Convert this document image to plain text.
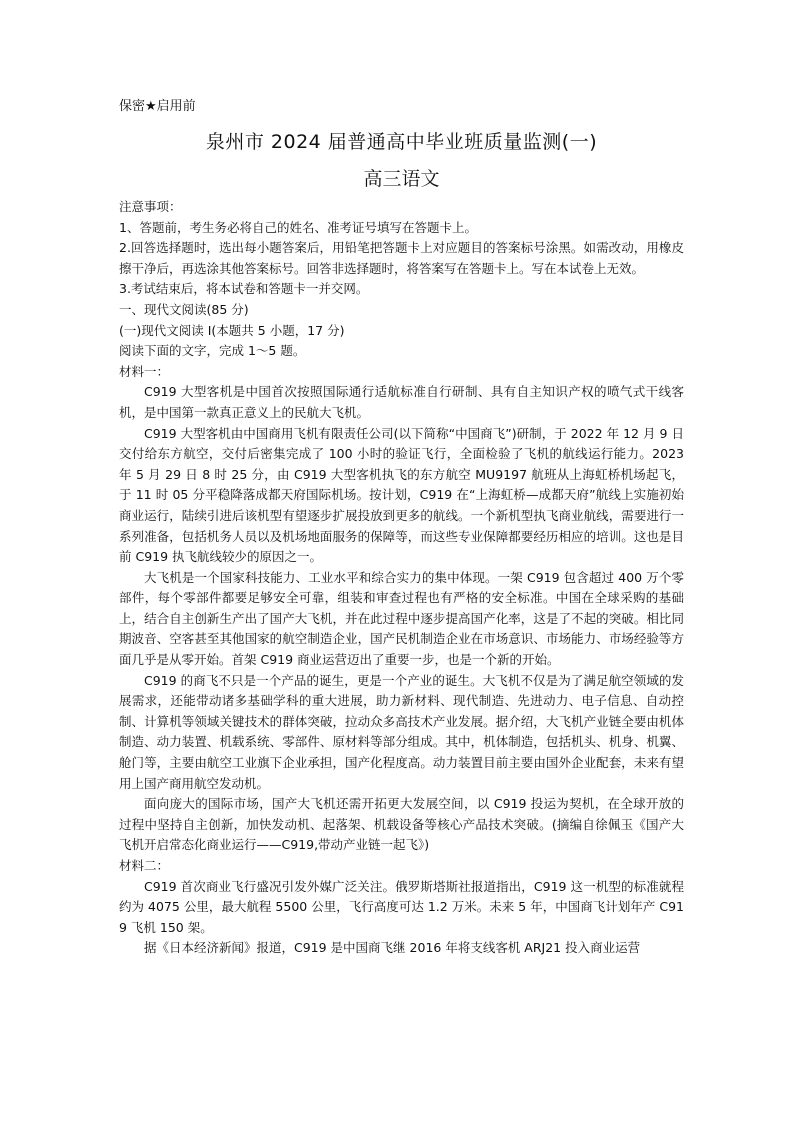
保密★启用前
泉州市 2024 届普通高中毕业班质量监测(一)
高三语文
注意事项：
1、答题前，考生务必将自己的姓名、准考证号填写在答题卡上。
2.回答选择题时，选出每小题答案后，用铅笔把答题卡上对应题目的答案标号涂黑。如需改动，用橡皮擦干净后，再选涂其他答案标号。回答非选择题时，将答案写在答题卡上。写在本试卷上无效。
3.考试结束后，将本试卷和答题卡一并交网。
一、现代文阅读(85 分)
(一)现代文阅读 I(本题共 5 小题，17 分)
阅读下面的文字，完成 1～5 题。
材料一：
C919 大型客机是中国首次按照国际通行适航标准自行研制、具有自主知识产权的喷气式干线客机，是中国第一款真正意义上的民航大飞机。
C919 大型客机由中国商用飞机有限责任公司(以下简称“中国商飞”)研制，于 2022 年 12 月 9 日交付给东方航空，交付后密集完成了 100 小时的验证飞行，全面检验了飞机的航线运行能力。2023 年 5 月 29 日 8 时 25 分，由 C919 大型客机执飞的东方航空 MU9197 航班从上海虹桥机场起飞，于 11 时 05 分平稳降落成都天府国际机场。按计划，C919 在“上海虹桥—成都天府”航线上实施初始商业运行，陆续引进后该机型有望逐步扩展投放到更多的航线。一个新机型执飞商业航线，需要进行一系列准备，包括机务人员以及机场地面服务的保障等，而这些专业保障都要经历相应的培训。这也是目前 C919 执飞航线较少的原因之一。
大飞机是一个国家科技能力、工业水平和综合实力的集中体现。一架 C919 包含超过 400 万个零部件，每个零部件都要足够安全可靠，组装和审查过程也有严格的安全标准。中国在全球采购的基础上，结合自主创新生产出了国产大飞机，并在此过程中逐步提高国产化率，这是了不起的突破。相比同期波音、空客甚至其他国家的航空制造企业，国产民机制造企业在市场意识、市场能力、市场经验等方面几乎是从零开始。首架 C919 商业运营迈出了重要一步，也是一个新的开始。
C919 的商飞不只是一个产品的诞生，更是一个产业的诞生。大飞机不仅是为了满足航空领域的发展需求，还能带动诸多基础学科的重大进展，助力新材料、现代制造、先进动力、电子信息、自动控制、计算机等领域关键技术的群体突破，拉动众多高技术产业发展。据介绍，大飞机产业链全要由机体制造、动力装置、机载系统、零部件、原材料等部分组成。其中，机体制造，包括机头、机身、机翼、舱门等，主要由航空工业旗下企业承担，国产化程度高。动力装置目前主要由国外企业配套，未来有望用上国产商用航空发动机。
面向庞大的国际市场，国产大飞机还需开拓更大发展空间，以 C919 投运为契机，在全球开放的过程中坚持自主创新，加快发动机、起落架、机载设备等核心产品技术突破。(摘编自徐佩玉《国产大飞机开启常态化商业运行——C919,带动产业链一起飞》)
材料二：
C919 首次商业飞行盛况引发外媒广泛关注。俄罗斯塔斯社报道指出，C919 这一机型的标准就程约为 4075 公里，最大航程 5500 公里，飞行高度可达 1.2 万米。未来 5 年，中国商飞计划年产 C919 飞机 150 架。
据《日本经济新闻》报道，C919 是中国商飞继 2016 年将支线客机 ARJ21 投入商业运营
